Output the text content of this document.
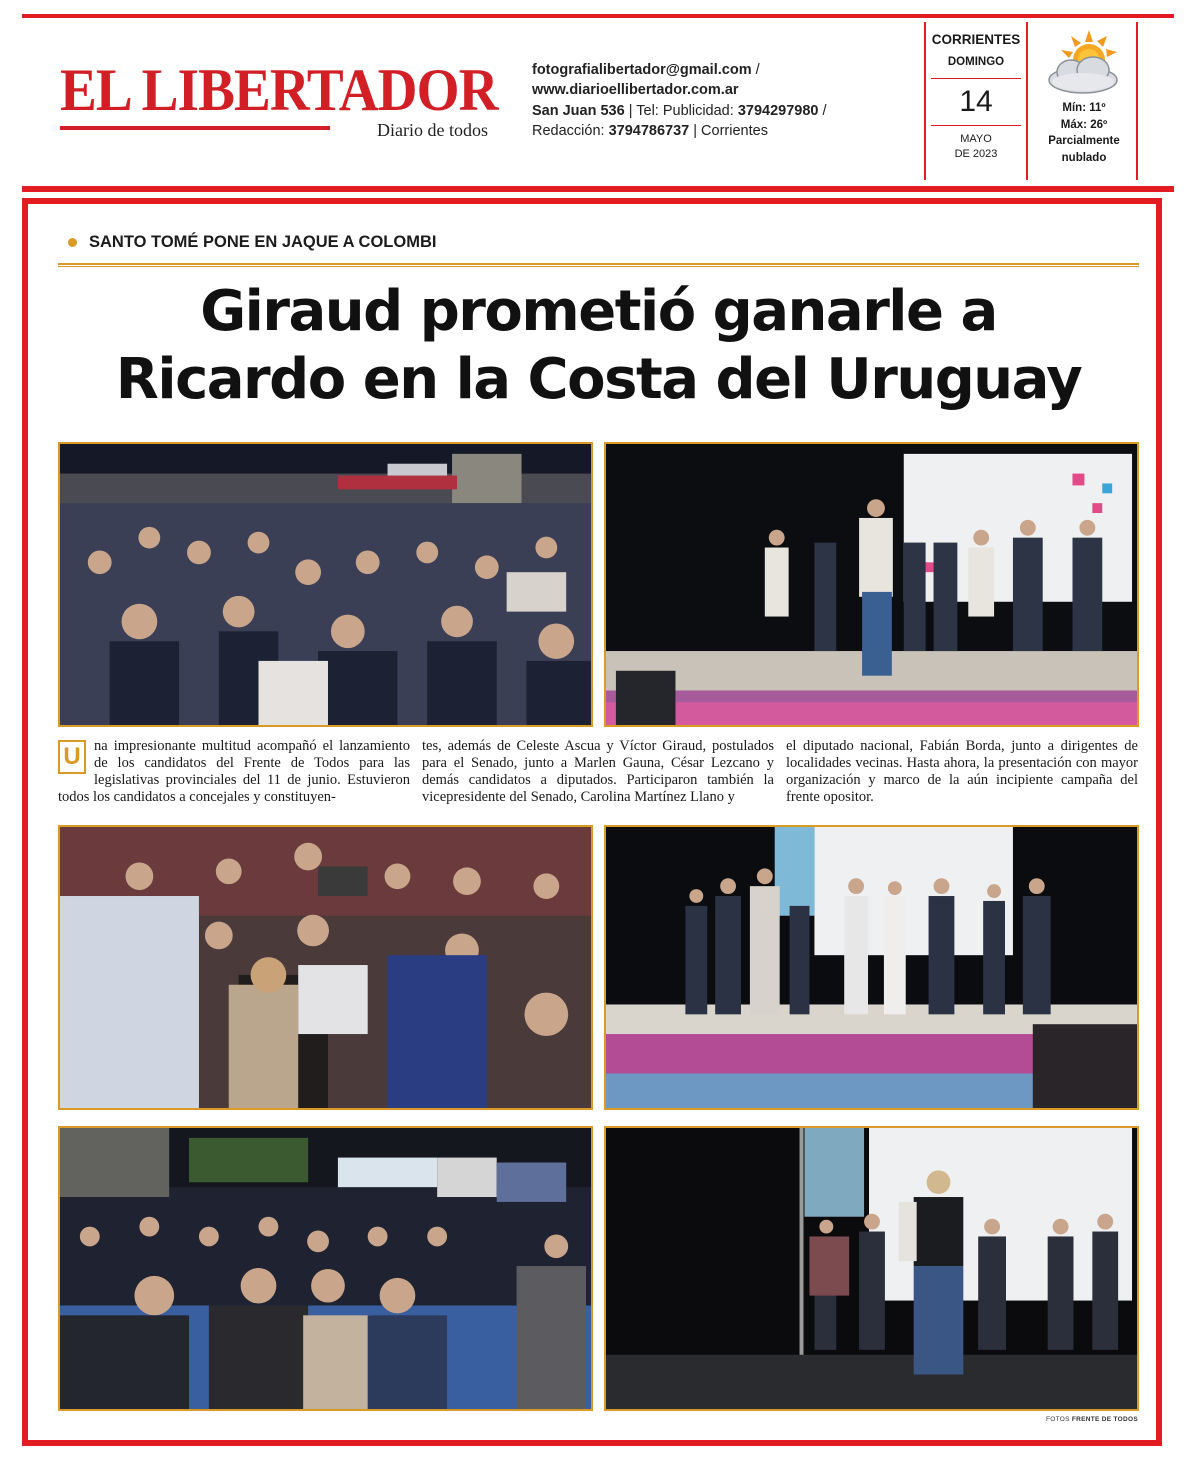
EL LIBERTADOR
Diario de todos
fotografialibertador@gmail.com /
www.diarioellibertador.com.ar
San Juan 536 | Tel: Publicidad: 3794297980 /
Redacción: 3794786737 | Corrientes
CORRIENTES
DOMINGO
14
MAYO
DE 2023
Mín: 11º
Máx: 26º
Parcialmente
nublado
SANTO TOMÉ PONE EN JAQUE A COLOMBI
Giraud prometió ganarle a
Ricardo en la Costa del Uruguay
U na impresionante multitud acompañó el lanzamiento de los candidatos del Frente de Todos para las legislativas provinciales del 11 de junio. Estuvieron todos los candidatos a concejales y constituyen-
tes, además de Celeste Ascua y Víctor Giraud, postulados para el Senado, junto a Marlen Gauna, César Lezcano y demás candidatos a diputados. Participaron también la vicepresidente del Senado, Carolina Martínez Llano y
el diputado nacional, Fabián Borda, junto a dirigentes de localidades vecinas. Hasta ahora, la presentación con mayor organización y marco de la aún incipiente campaña del frente opositor.
FOTOS FRENTE DE TODOS
